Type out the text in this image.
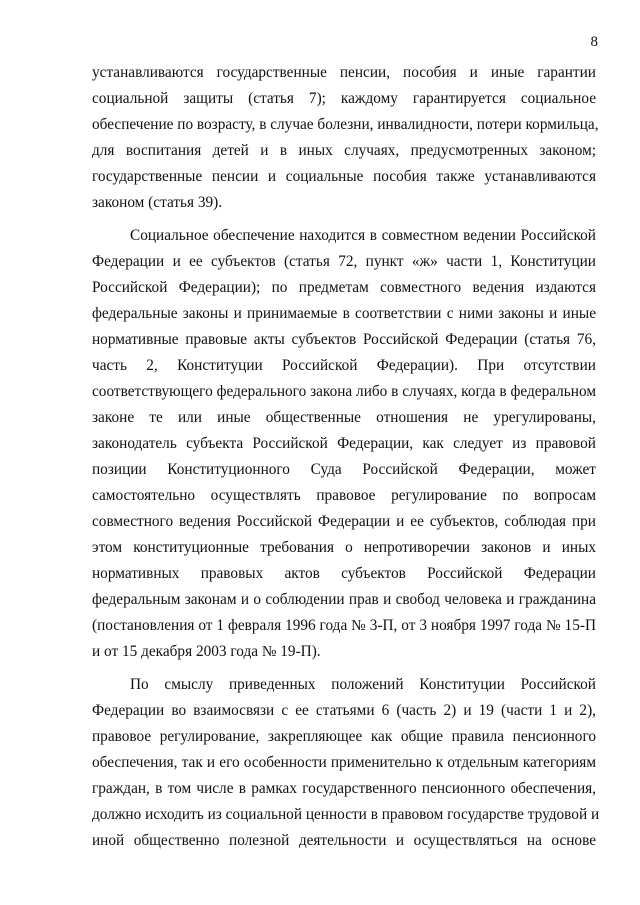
8
устанавливаются государственные пенсии, пособия и иные гарантии
социальной защиты (статья 7); каждому гарантируется социальное
обеспечение по возрасту, в случае болезни, инвалидности, потери кормильца,
для воспитания детей и в иных случаях, предусмотренных законом;
государственные пенсии и социальные пособия также устанавливаются
законом (статья 39).
Социальное обеспечение находится в совместном ведении Российской
Федерации и ее субъектов (статья 72, пункт «ж» части 1, Конституции
Российской Федерации); по предметам совместного ведения издаются
федеральные законы и принимаемые в соответствии с ними законы и иные
нормативные правовые акты субъектов Российской Федерации (статья 76,
часть 2, Конституции Российской Федерации). При отсутствии
соответствующего федерального закона либо в случаях, когда в федеральном
законе те или иные общественные отношения не урегулированы,
законодатель субъекта Российской Федерации, как следует из правовой
позиции Конституционного Суда Российской Федерации, может
самостоятельно осуществлять правовое регулирование по вопросам
совместного ведения Российской Федерации и ее субъектов, соблюдая при
этом конституционные требования о непротиворечии законов и иных
нормативных правовых актов субъектов Российской Федерации
федеральным законам и о соблюдении прав и свобод человека и гражданина
(постановления от 1 февраля 1996 года № 3-П, от 3 ноября 1997 года № 15-П
и от 15 декабря 2003 года № 19-П).
По смыслу приведенных положений Конституции Российской
Федерации во взаимосвязи с ее статьями 6 (часть 2) и 19 (части 1 и 2),
правовое регулирование, закрепляющее как общие правила пенсионного
обеспечения, так и его особенности применительно к отдельным категориям
граждан, в том числе в рамках государственного пенсионного обеспечения,
должно исходить из социальной ценности в правовом государстве трудовой и
иной общественно полезной деятельности и осуществляться на основе
